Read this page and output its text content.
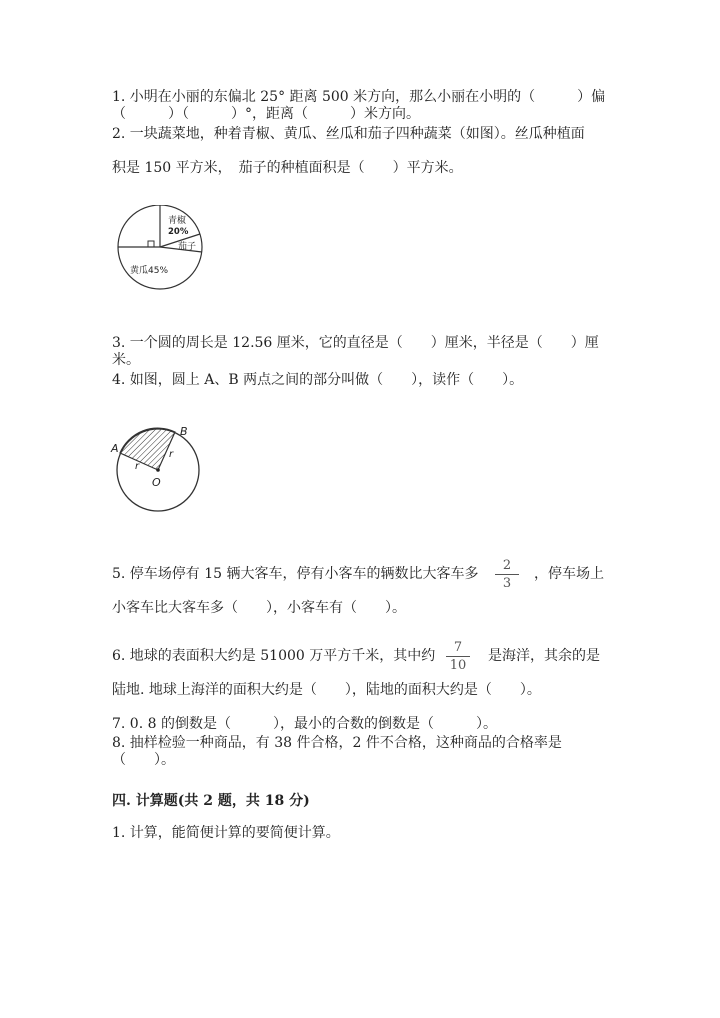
1. 小明在小丽的东偏北 25° 距离 500 米方向，那么小丽在小明的（　　　）偏
（　　　）（　　　）°，距离（　　　）米方向。
2. 一块蔬菜地，种着青椒、黄瓜、丝瓜和茄子四种蔬菜（如图）。丝瓜种植面
积是 150 平方米，　茄子的种植面积是（　　）平方米。
青椒
20%
茄子
黄瓜45%
3. 一个圆的周长是 12.56 厘米，它的直径是（　　）厘米，半径是（　　）厘
米。
4. 如图，圆上 A、B 两点之间的部分叫做（　　），读作（　　）。
A
B
O
r
r
5. 停车场停有 15 辆大客车，停有小客车的辆数比大客车多
2
3
，停车场上
小客车比大客车多（　　），小客车有（　　）。
6. 地球的表面积大约是 51000 万平方千米，其中约
7
10
是海洋，其余的是
陆地. 地球上海洋的面积大约是（　　），陆地的面积大约是（　　）。
7. 0. 8 的倒数是（　　　），最小的合数的倒数是（　　　）。
8. 抽样检验一种商品，有 38 件合格，2 件不合格，这种商品的合格率是
（　　）。
四. 计算题(共 2 题，共 18 分)
1. 计算，能简便计算的要简便计算。
